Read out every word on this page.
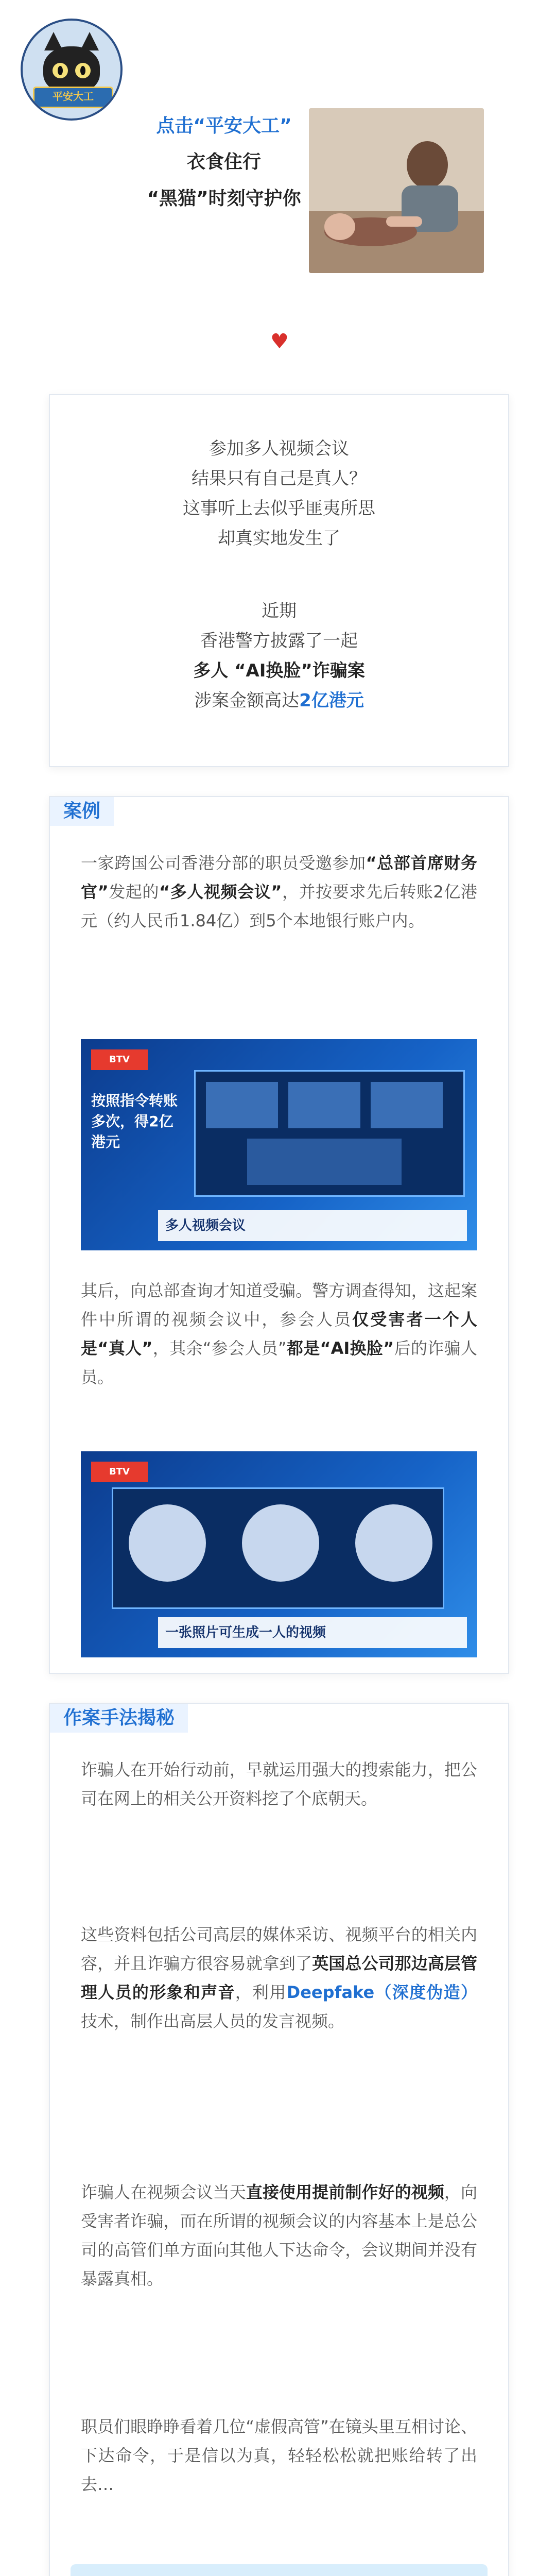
平安大工
点击“平安大工”
衣食住行
“黑猫”时刻守护你
♥
参加多人视频会议
结果只有自己是真人？
这事听上去似乎匪夷所思
却真实地发生了
近期
香港警方披露了一起
多人 “AI换脸”诈骗案
涉案金额高达2亿港元
案例
一家跨国公司香港分部的职员受邀参加“总部首席财务官”发起的“多人视频会议”，并按要求先后转账2亿港元（约人民币1.84亿）到5个本地银行账户内。
BTV
按照指令转账多次，得2亿港元
多人视频会议
其后，向总部查询才知道受骗。警方调查得知，这起案件中所谓的视频会议中，参会人员仅受害者一个人是“真人”，其余“参会人员”都是“AI换脸”后的诈骗人员。
BTV
一张照片可生成一人的视频
作案手法揭秘
诈骗人在开始行动前，早就运用强大的搜索能力，把公司在网上的相关公开资料挖了个底朝天。
这些资料包括公司高层的媒体采访、视频平台的相关内容，并且诈骗方很容易就拿到了英国总公司那边高层管理人员的形象和声音，利用Deepfake（深度伪造）技术，制作出高层人员的发言视频。
诈骗人在视频会议当天直接使用提前制作好的视频，向受害者诈骗，而在所谓的视频会议的内容基本上是总公司的高管们单方面向其他人下达命令，会议期间并没有暴露真相。
职员们眼睁睁看着几位“虚假高管”在镜头里互相讨论、下达命令，于是信以为真，轻轻松松就把账给转了出去…
